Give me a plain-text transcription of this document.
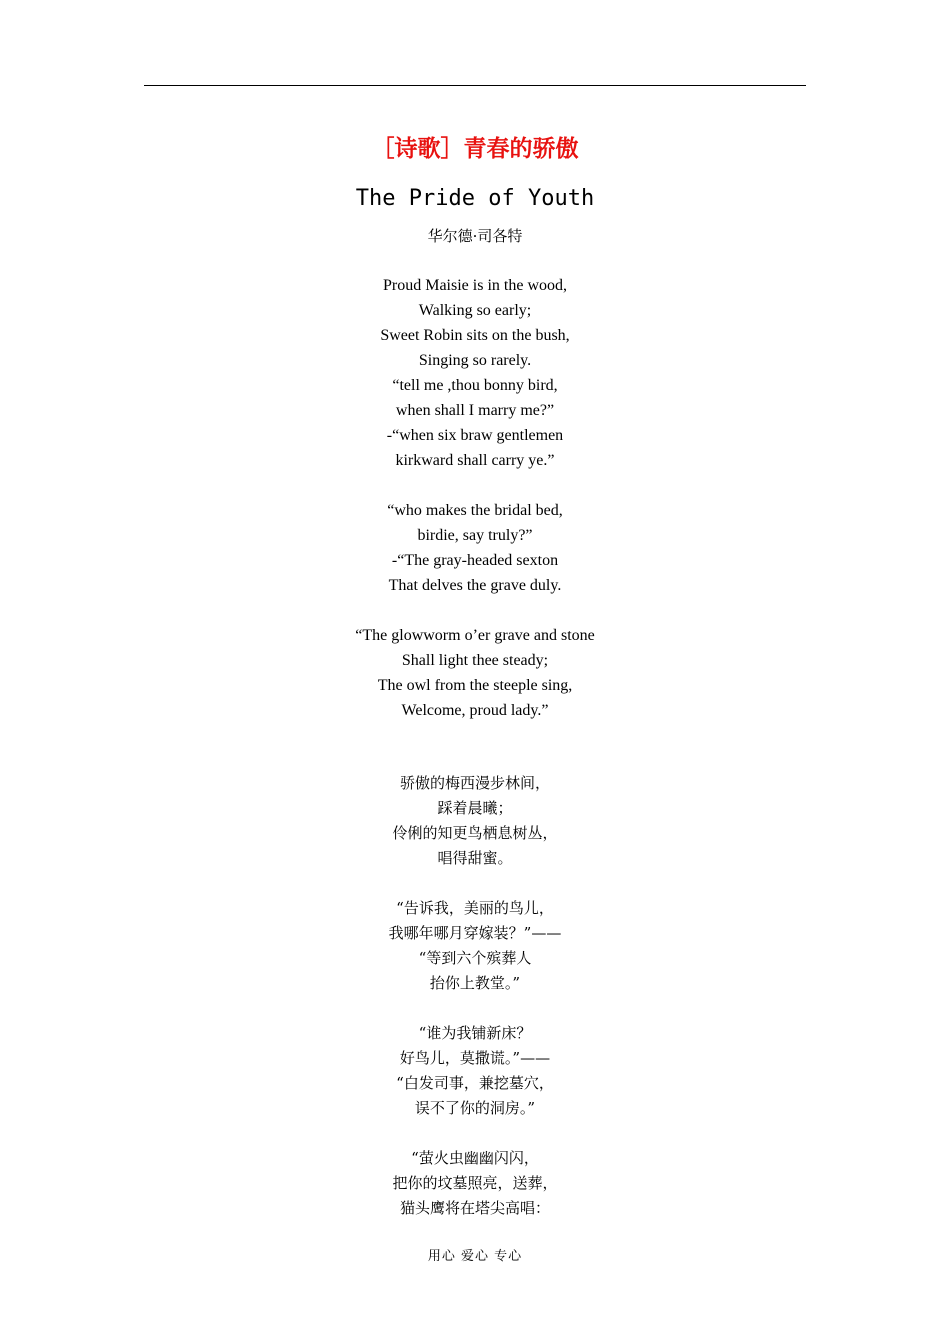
［诗歌］青春的骄傲
The Pride of Youth
华尔德·司各特
Proud Maisie is in the wood,
Walking so early;
Sweet Robin sits on the bush,
Singing so rarely.
“tell me ,thou bonny bird,
when shall I marry me?”
-“when six braw gentlemen
kirkward shall carry ye.”
“who makes the bridal bed,
birdie, say truly?”
-“The gray-headed sexton
That delves the grave duly.
“The glowworm o’er grave and stone
Shall light thee steady;
The owl from the steeple sing,
Welcome, proud lady.”
骄傲的梅西漫步林间，
踩着晨曦；
伶俐的知更鸟栖息树丛，
唱得甜蜜。
“告诉我，美丽的鸟儿，
我哪年哪月穿嫁装？”——
“等到六个殡葬人
抬你上教堂。”
“谁为我铺新床？
好鸟儿，莫撒谎。”——
“白发司事，兼挖墓穴，
误不了你的洞房。”
“萤火虫幽幽闪闪，
把你的坟墓照亮，送葬，
猫头鹰将在塔尖高唱：
用心 爱心 专心
